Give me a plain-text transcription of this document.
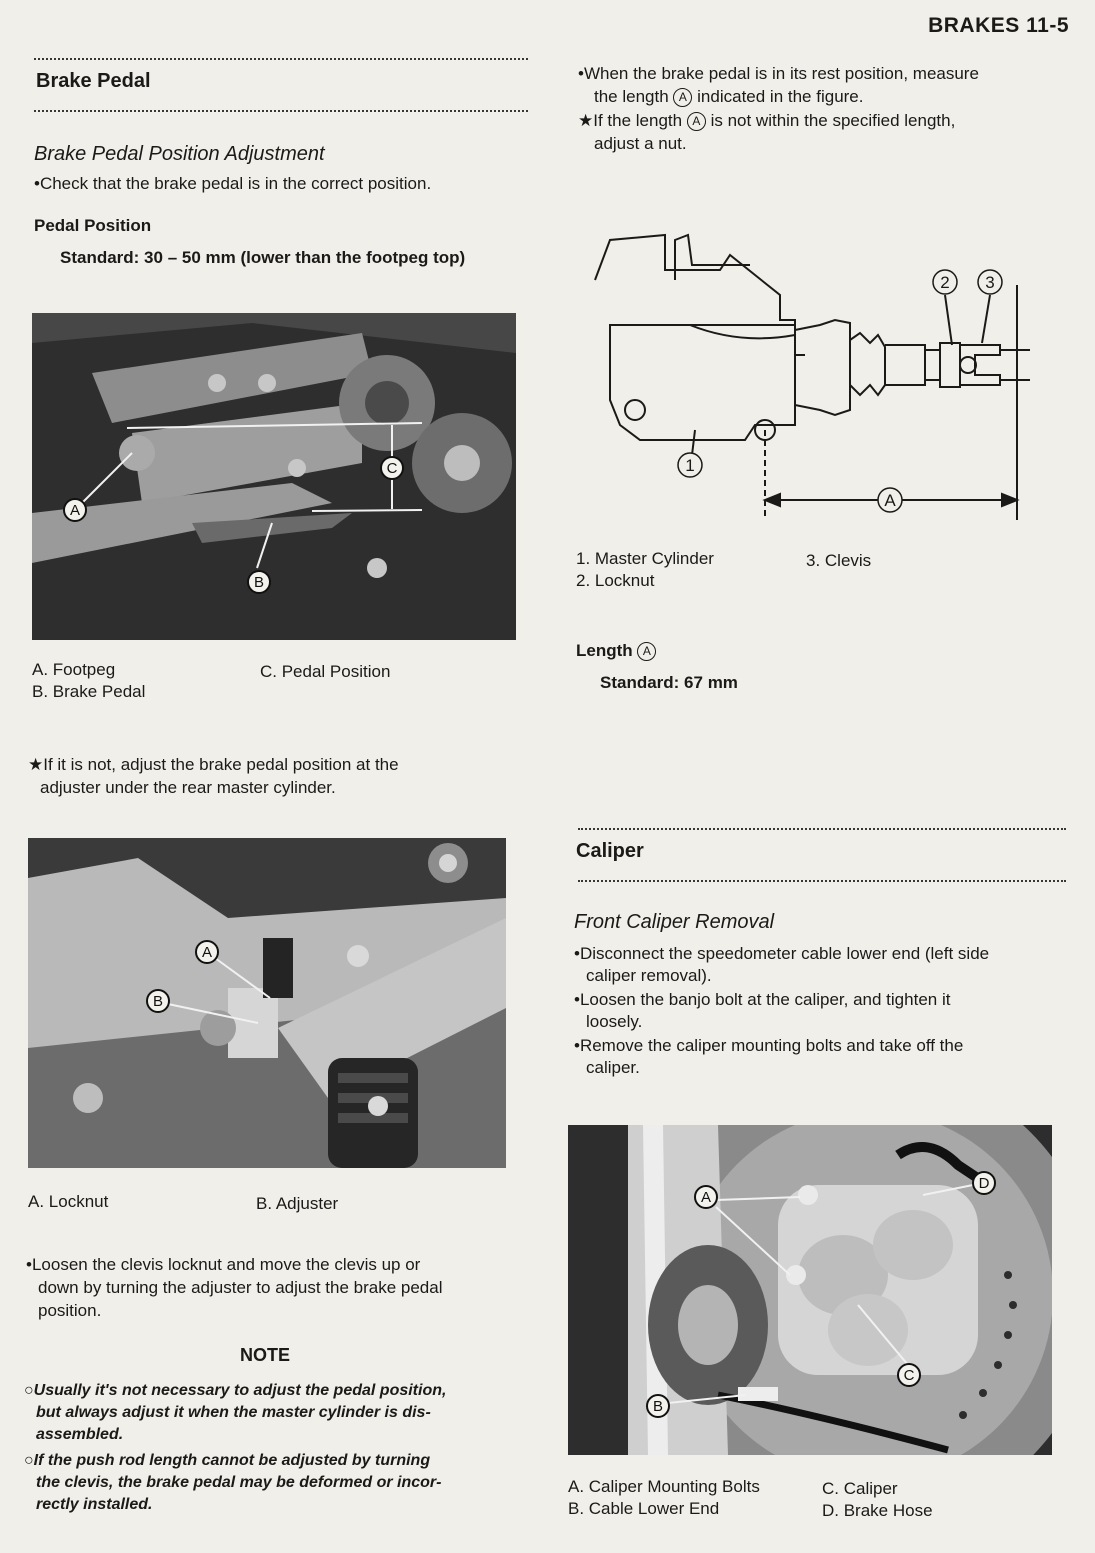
BRAKES 11-5
Brake Pedal
Brake Pedal Position Adjustment
•Check that the brake pedal is in the correct position.
Pedal Position
Standard: 30 – 50 mm (lower than the footpeg top)
A
B
C
A. Footpeg
B. Brake Pedal
C. Pedal Position
★If it is not, adjust the brake pedal position at the
adjuster under the rear master cylinder.
A
B
A. Locknut	B. Adjuster
•Loosen the clevis locknut and move the clevis up or
down by turning the adjuster to adjust the brake pedal
position.
NOTE
○Usually it's not necessary to adjust the pedal position,
but always adjust it when the master cylinder is dis-
assembled.
○If the push rod length cannot be adjusted by turning
the clevis, the brake pedal may be deformed or incor-
rectly installed.
•When the brake pedal is in its rest position, measure
the length A indicated in the figure.
★If the length A is not within the specified length,
adjust a nut.
1
2 3
A
1. Master Cylinder
2. Locknut
3. Clevis
Length A
Standard: 67 mm
Caliper
Front Caliper Removal
•Disconnect the speedometer cable lower end (left side
caliper removal).
•Loosen the banjo bolt at the caliper, and tighten it
loosely.
•Remove the caliper mounting bolts and take off the
caliper.
A
B
C
D
A. Caliper Mounting Bolts
B. Cable Lower End
C. Caliper
D. Brake Hose
